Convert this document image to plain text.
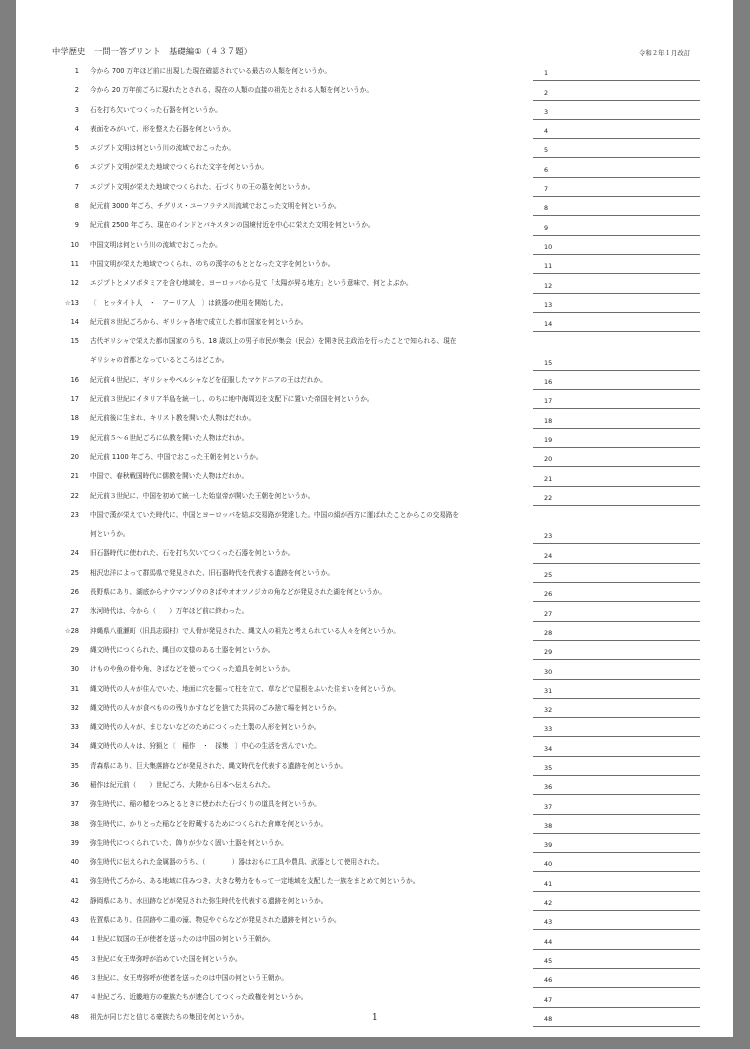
中学歴史　一問一答プリント　基礎編①（４３７題）	令和２年１月改訂
1 今から 700 万年ほど前に出現した現在確認されている最古の人類を何というか。	1
2 今から 20 万年前ごろに現れたとされる、現在の人類の直接の祖先とされる人類を何というか。	2
3 石を打ち欠いてつくった石器を何というか。	3
4 表面をみがいて、形を整えた石器を何というか。	4
5 エジプト文明は何という川の流域でおこったか。	5
6 エジプト文明が栄えた地域でつくられた文字を何というか。	6
7 エジプト文明が栄えた地域でつくられた、石づくりの王の墓を何というか。	7
8 紀元前 3000 年ごろ、チグリス・ユーフラテス川流域でおこった文明を何というか。	8
9 紀元前 2500 年ごろ、現在のインドとパキスタンの国境付近を中心に栄えた文明を何というか。	9
10 中国文明は何という川の流域でおこったか。	10
11 中国文明が栄えた地域でつくられ、のちの漢字のもととなった文字を何というか。	11
12 エジプトとメソポタミアを含む地域を、ヨーロッパから見て「太陽が昇る地方」という意味で、何とよぶか。	12
☆13 〔　ヒッタイト人　・　アーリア人　〕は鉄器の使用を開始した。	13
14 紀元前８世紀ごろから、ギリシャ各地で成立した都市国家を何というか。	14
15 古代ギリシャで栄えた都市国家のうち、18 歳以上の男子市民が集会（民会）を開き民主政治を行ったことで知られる、現在
ギリシャの首都となっているところはどこか。	15
16 紀元前４世紀に、ギリシャやペルシャなどを征服したマケドニアの王はだれか。	16
17 紀元前３世紀にイタリア半島を統一し、のちに地中海周辺を支配下に置いた帝国を何というか。	17
18 紀元前後に生まれ、キリスト教を開いた人物はだれか。	18
19 紀元前５～６世紀ごろに仏教を開いた人物はだれか。	19
20 紀元前 1100 年ごろ、中国でおこった王朝を何というか。	20
21 中国で、春秋戦国時代に儒教を開いた人物はだれか。	21
22 紀元前３世紀に、中国を初めて統一した始皇帝が開いた王朝を何というか。	22
23 中国で漢が栄えていた時代に、中国とヨーロッパを結ぶ交易路が発達した。中国の絹が西方に運ばれたことからこの交易路を
何というか。	23
24 旧石器時代に使われた、石を打ち欠いてつくった石器を何というか。	24
25 相沢忠洋によって群馬県で発見された、旧石器時代を代表する遺跡を何というか。	25
26 長野県にあり、湖底からナウマンゾウのきばやオオツノジカの角などが発見された湖を何というか。	26
27 氷河時代は、今から（　　）万年ほど前に終わった。	27
☆28 沖縄県八重瀬町（旧具志頭村）で人骨が発見された、縄文人の祖先と考えられている人々を何というか。	28
29 縄文時代につくられた、縄目の文様のある土器を何というか。	29
30 けものや魚の骨や角、きばなどを使ってつくった道具を何というか。	30
31 縄文時代の人々が住んでいた、地面に穴を掘って柱を立て、草などで屋根をふいた住まいを何というか。	31
32 縄文時代の人々が食べものの残りかすなどを捨てた共同のごみ捨て場を何というか。	32
33 縄文時代の人々が、まじないなどのためにつくった土製の人形を何というか。	33
34 縄文時代の人々は、狩猟と〔　稲作　・　採集　〕中心の生活を営んでいた。	34
35 青森県にあり、巨大集落跡などが発見された、縄文時代を代表する遺跡を何というか。	35
36 稲作は紀元前（　　）世紀ごろ、大陸から日本へ伝えられた。	36
37 弥生時代に、稲の穂をつみとるときに使われた石づくりの道具を何というか。	37
38 弥生時代に、かりとった稲などを貯蔵するためにつくられた倉庫を何というか。	38
39 弥生時代につくられていた、飾りが少なく固い土器を何というか。	39
40 弥生時代に伝えられた金属器のうち、（　　　　）器はおもに工具や農具、武器として使用された。	40
41 弥生時代ごろから、ある地域に住みつき、大きな勢力をもって一定地域を支配した一族をまとめて何というか。	41
42 静岡県にあり、水田跡などが発見された弥生時代を代表する遺跡を何というか。	42
43 佐賀県にあり、住居跡や二重の濠、物見やぐらなどが発見された遺跡を何というか。	43
44 １世紀に奴国の王が使者を送ったのは中国の何という王朝か。	44
45 ３世紀に女王卑弥呼が治めていた国を何というか。	45
46 ３世紀に、女王卑弥呼が使者を送ったのは中国の何という王朝か。	46
47 ４世紀ごろ、近畿地方の豪族たちが連合してつくった政権を何というか。	47
48 祖先が同じだと信じる豪族たちの集団を何というか。	48
1
